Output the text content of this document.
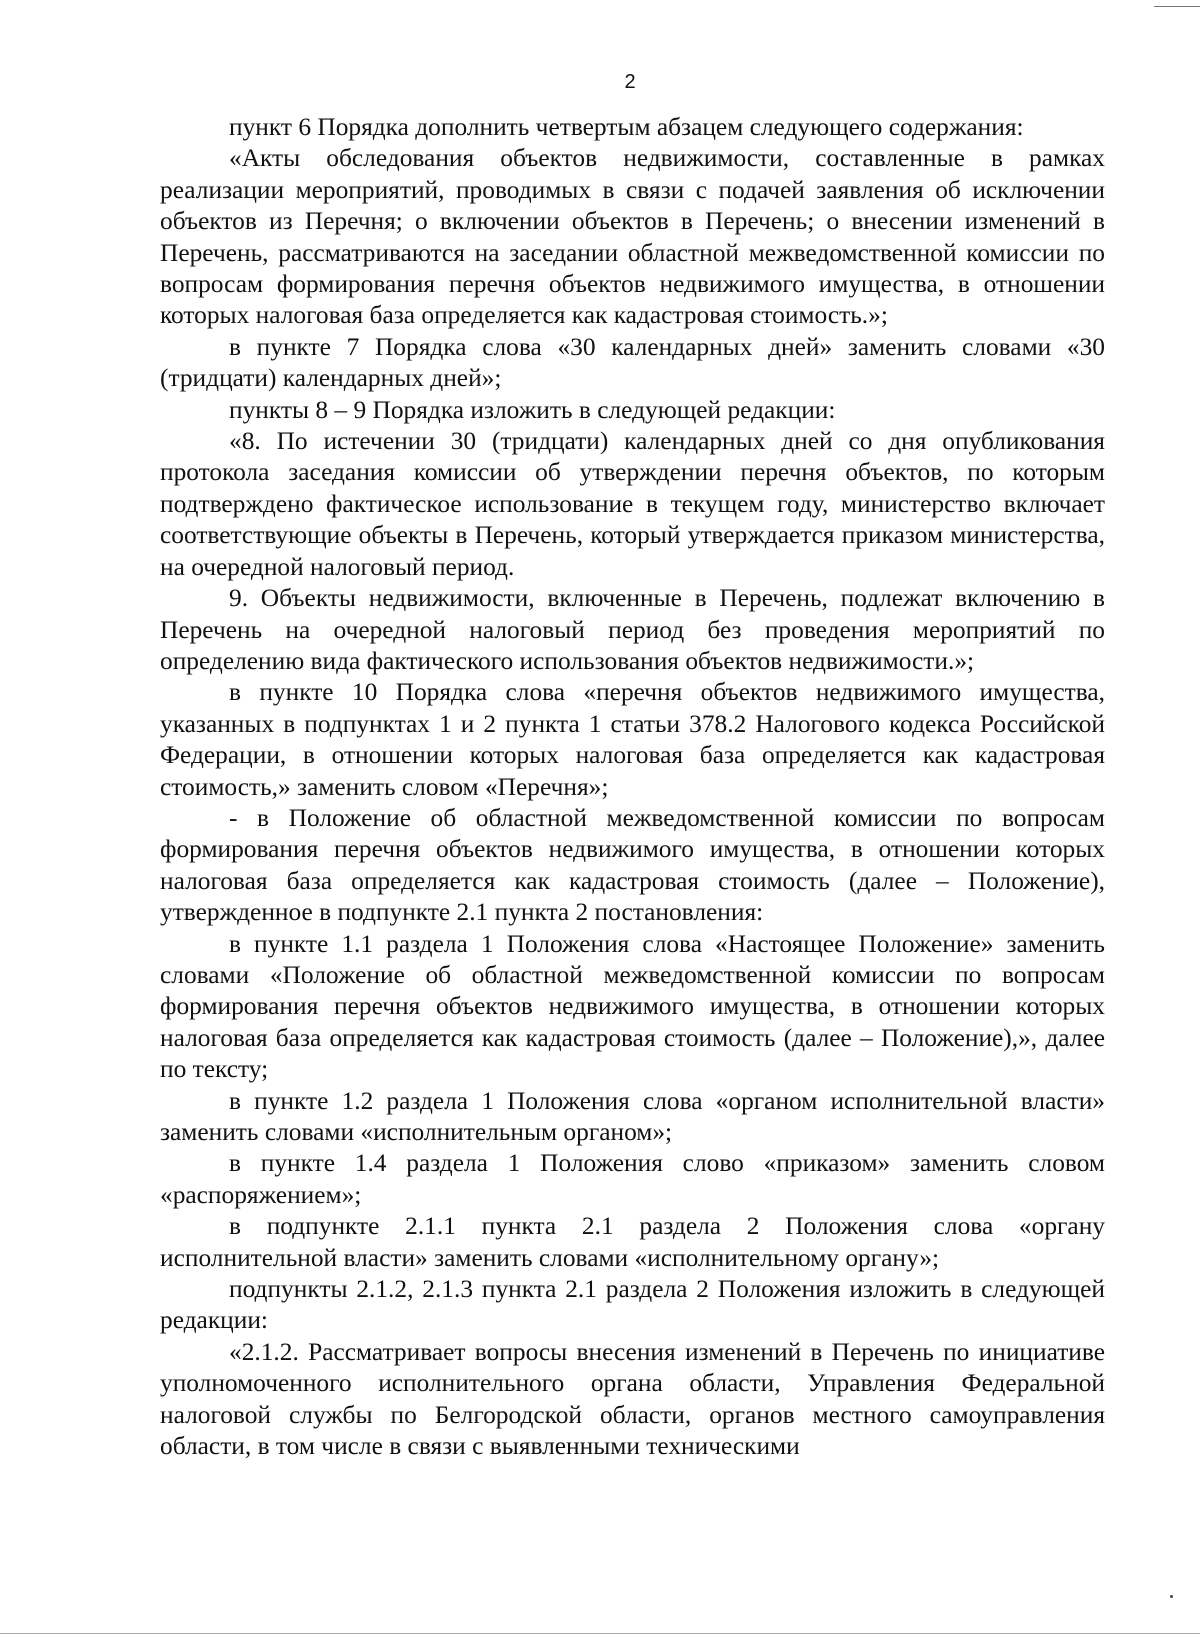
2

пункт 6 Порядка дополнить четвертым абзацем следующего содержания:

«Акты обследования объектов недвижимости, составленные в рамках реализации мероприятий, проводимых в связи с подачей заявления об исключении объектов из Перечня; о включении объектов в Перечень; о внесении изменений в Перечень, рассматриваются на заседании областной межведомственной комиссии по вопросам формирования перечня объектов недвижимого имущества, в отношении которых налоговая база определяется как кадастровая стоимость.»;

в пункте 7 Порядка слова «30 календарных дней» заменить словами «30 (тридцати) календарных дней»;

пункты 8 – 9 Порядка изложить в следующей редакции:

«8. По истечении 30 (тридцати) календарных дней со дня опубликования протокола заседания комиссии об утверждении перечня объектов, по которым подтверждено фактическое использование в текущем году, министерство включает соответствующие объекты в Перечень, который утверждается приказом министерства, на очередной налоговый период.

9. Объекты недвижимости, включенные в Перечень, подлежат включению в Перечень на очередной налоговый период без проведения мероприятий по определению вида фактического использования объектов недвижимости.»;

в пункте 10 Порядка слова «перечня объектов недвижимого имущества, указанных в подпунктах 1 и 2 пункта 1 статьи 378.2 Налогового кодекса Российской Федерации, в отношении которых налоговая база определяется как кадастровая стоимость,» заменить словом «Перечня»;

- в Положение об областной межведомственной комиссии по вопросам формирования перечня объектов недвижимого имущества, в отношении которых налоговая база определяется как кадастровая стоимость (далее – Положение), утвержденное в подпункте 2.1 пункта 2 постановления:

в пункте 1.1 раздела 1 Положения слова «Настоящее Положение» заменить словами «Положение об областной межведомственной комиссии по вопросам формирования перечня объектов недвижимого имущества, в отношении которых налоговая база определяется как кадастровая стоимость (далее – Положение),», далее по тексту;

в пункте 1.2 раздела 1 Положения слова «органом исполнительной власти» заменить словами «исполнительным органом»;

в пункте 1.4 раздела 1 Положения слово «приказом» заменить словом «распоряжением»;

в подпункте 2.1.1 пункта 2.1 раздела 2 Положения слова «органу исполнительной власти» заменить словами «исполнительному органу»;

подпункты 2.1.2, 2.1.3 пункта 2.1 раздела 2 Положения изложить в следующей редакции:

«2.1.2. Рассматривает вопросы внесения изменений в Перечень по инициативе уполномоченного исполнительного органа области, Управления Федеральной налоговой службы по Белгородской области, органов местного самоуправления области, в том числе в связи с выявленными техническими
